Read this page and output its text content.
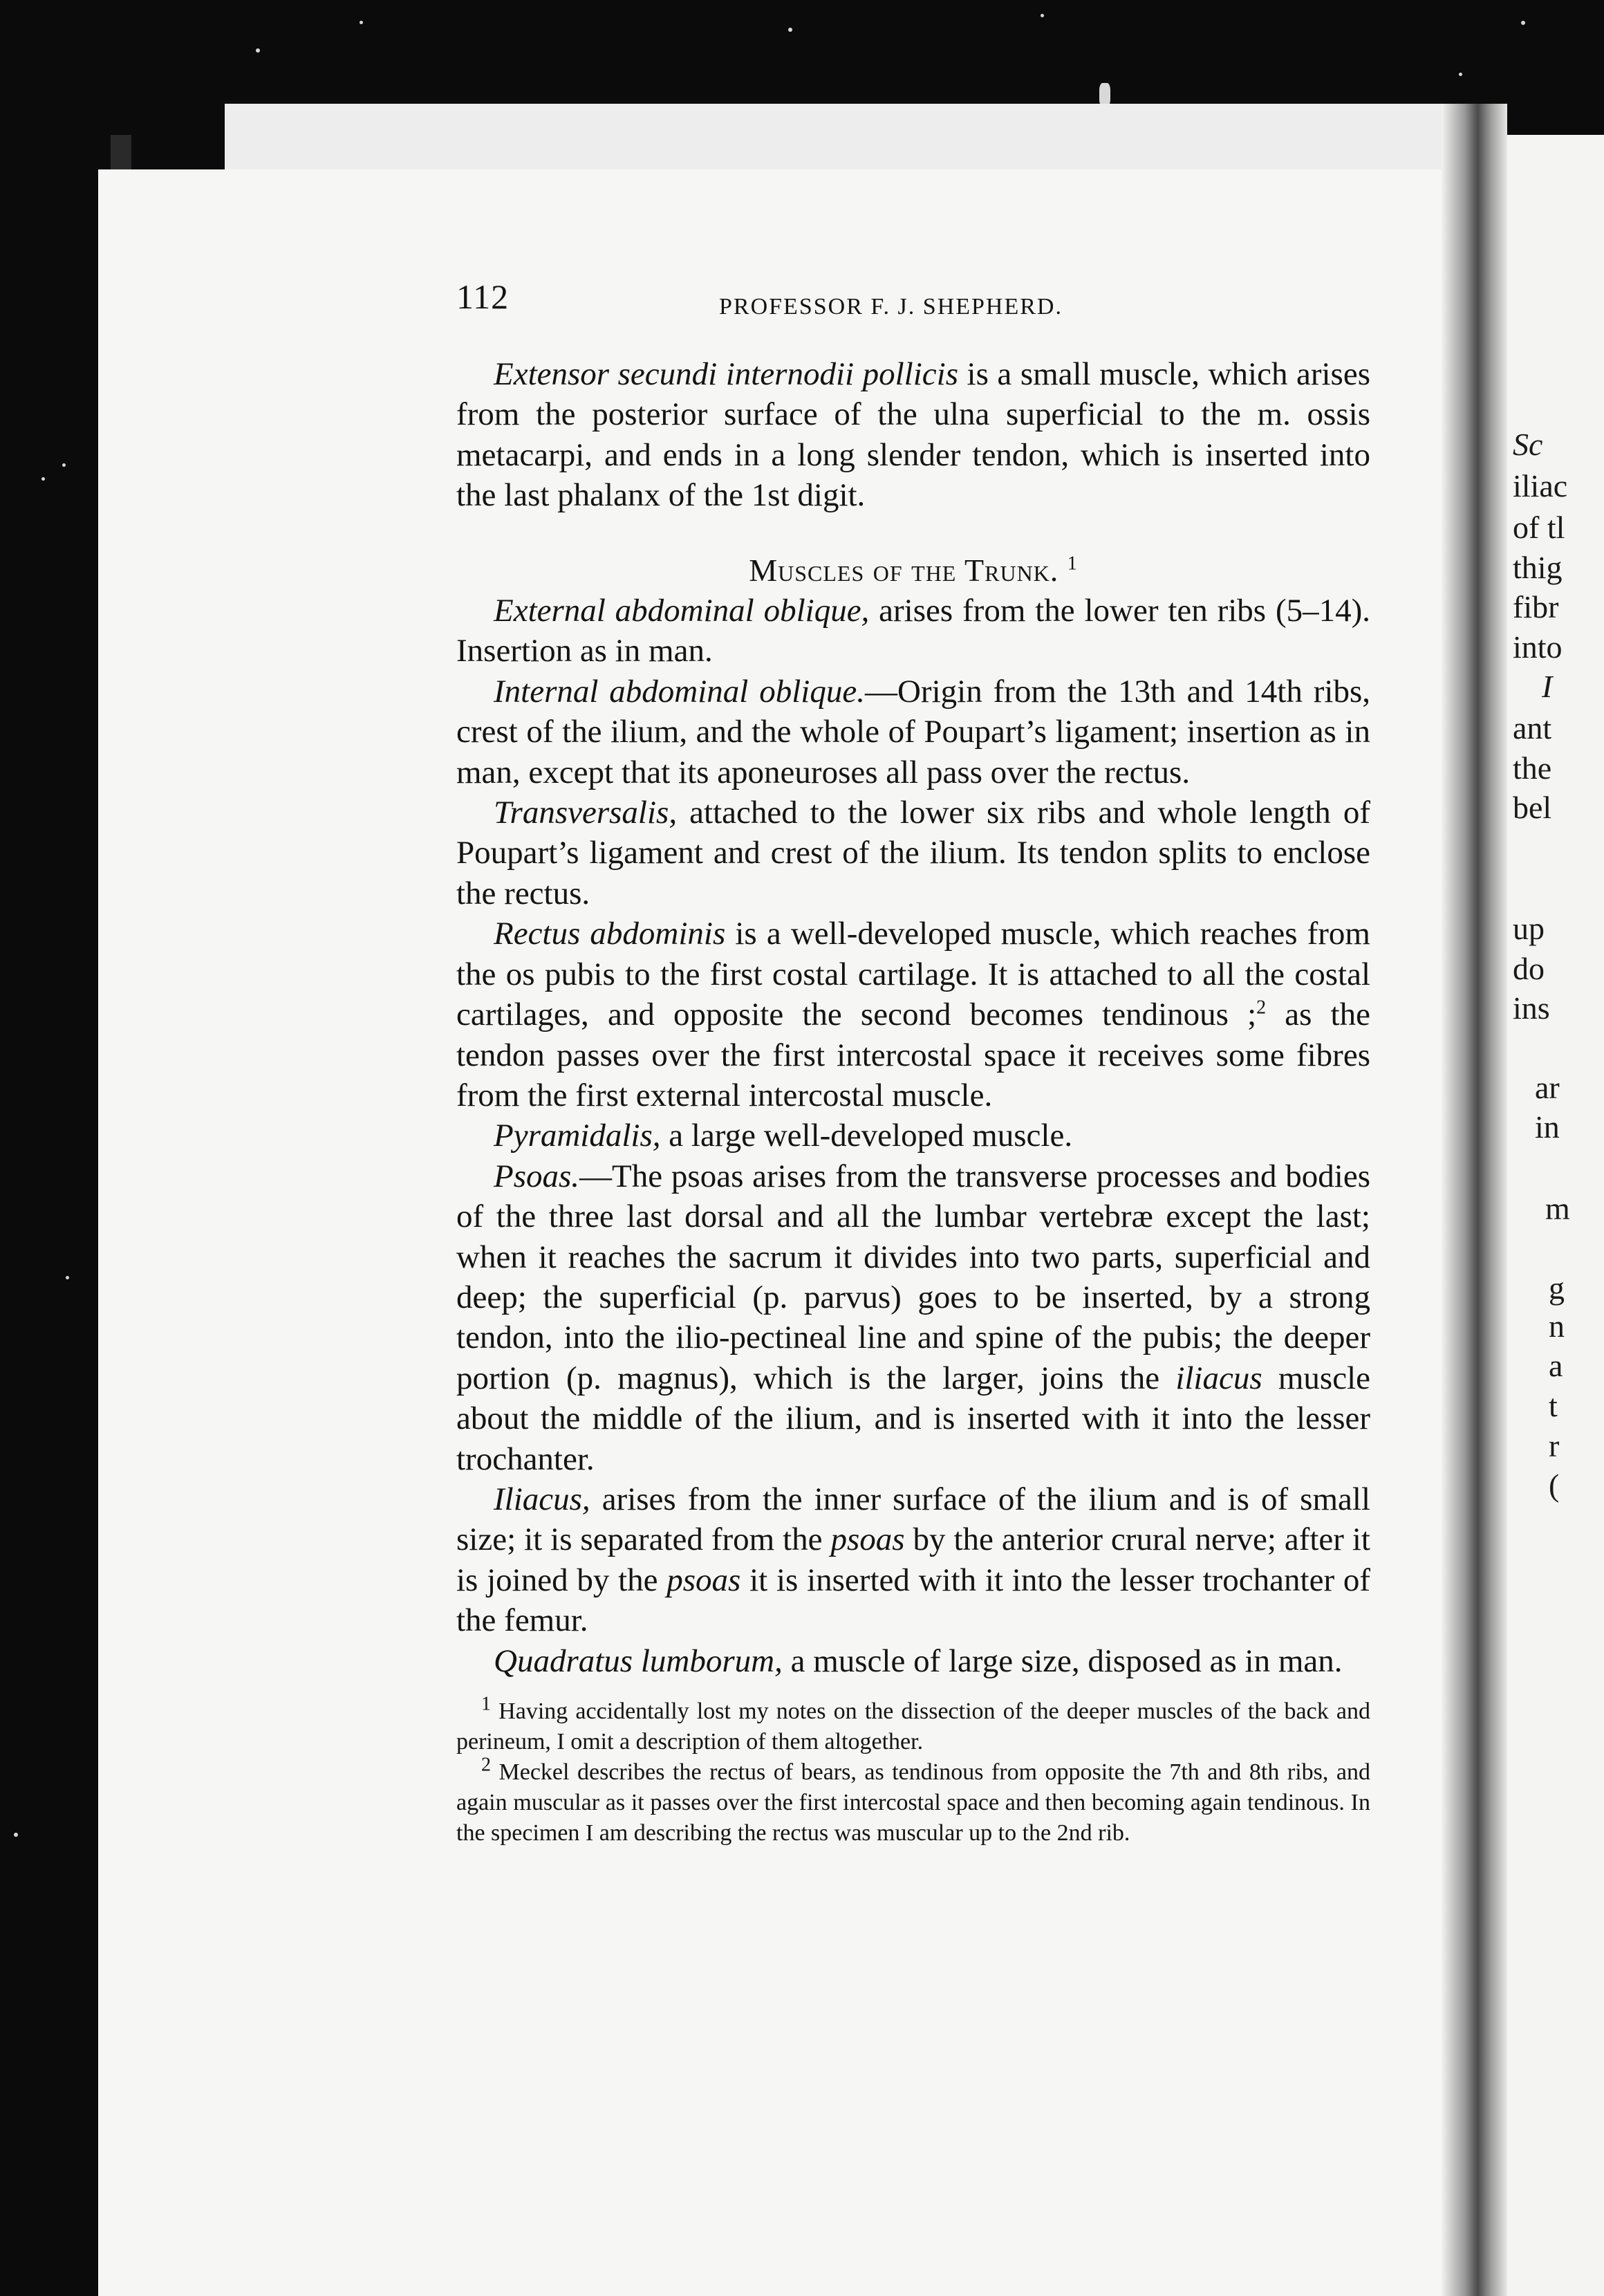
Sc
iliac
of tl
thig
fibr
into
I
ant
the
bel
up
do
ins
ar
in
m
g
n
a
t
r
(
112	PROFESSOR F. J. SHEPHERD.

Extensor secundi internodii pollicis is a small muscle, which arises from the posterior surface of the ulna superficial to the m. ossis metacarpi, and ends in a long slender tendon, which is inserted into the last phalanx of the 1st digit.

Muscles of the Trunk. $^1$

External abdominal oblique, arises from the lower ten ribs (5–14). Insertion as in man.

Internal abdominal oblique.—Origin from the 13th and 14th ribs, crest of the ilium, and the whole of Poupart’s ligament; insertion as in man, except that its aponeuroses all pass over the rectus.

Transversalis, attached to the lower six ribs and whole length of Poupart’s ligament and crest of the ilium. Its tendon splits to enclose the rectus.

Rectus abdominis is a well-developed muscle, which reaches from the os pubis to the first costal cartilage. It is attached to all the costal cartilages, and opposite the second becomes tendinous ;$^2$ as the tendon passes over the first intercostal space it receives some fibres from the first external intercostal muscle.

Pyramidalis, a large well-developed muscle.

Psoas.—The psoas arises from the transverse processes and bodies of the three last dorsal and all the lumbar vertebræ except the last; when it reaches the sacrum it divides into two parts, superficial and deep; the superficial (p. parvus) goes to be inserted, by a strong tendon, into the ilio-pectineal line and spine of the pubis; the deeper portion (p. magnus), which is the larger, joins the iliacus muscle about the middle of the ilium, and is inserted with it into the lesser trochanter.

Iliacus, arises from the inner surface of the ilium and is of small size; it is separated from the psoas by the anterior crural nerve; after it is joined by the psoas it is inserted with it into the lesser trochanter of the femur.

Quadratus lumborum, a muscle of large size, disposed as in man.

$^1$ Having accidentally lost my notes on the dissection of the deeper muscles of the back and perineum, I omit a description of them altogether.

$^2$ Meckel describes the rectus of bears, as tendinous from opposite the 7th and 8th ribs, and again muscular as it passes over the first intercostal space and then becoming again tendinous. In the specimen I am describing the rectus was muscular up to the 2nd rib.
